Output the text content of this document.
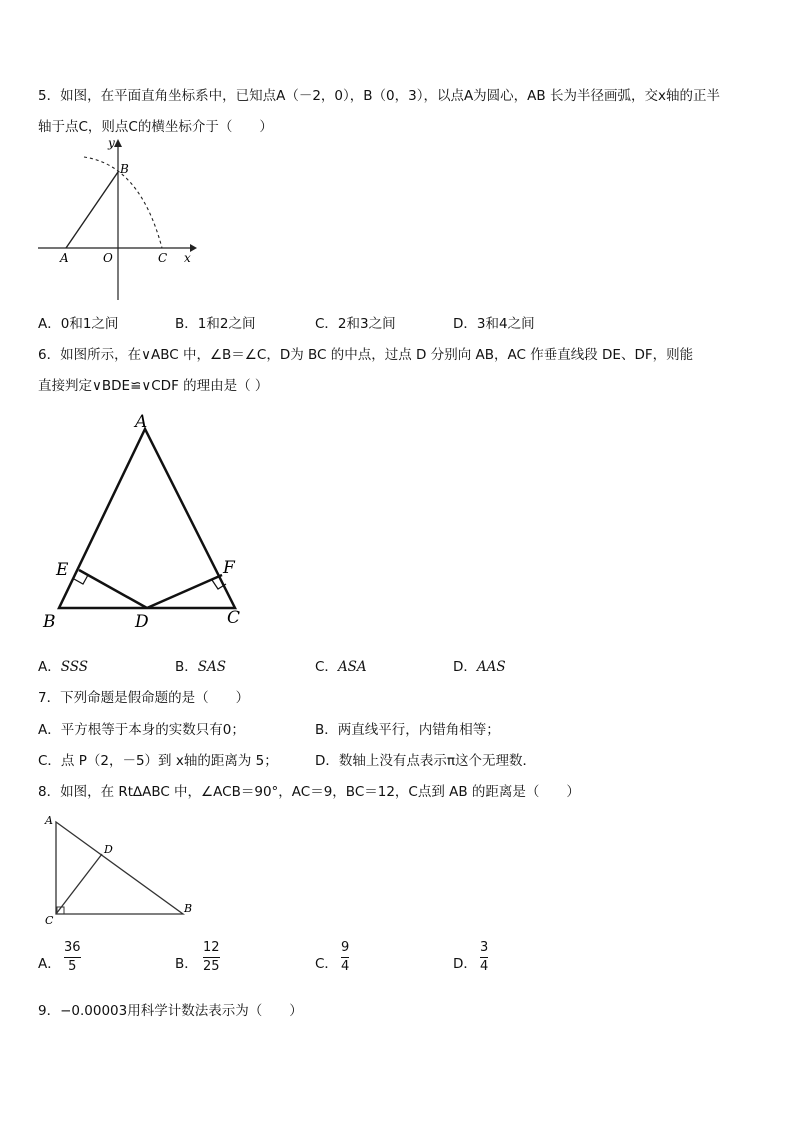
5．如图，在平面直角坐标系中，已知点A（－2，0），B（0，3），以点A为圆心，AB 长为半径画弧，交x轴的正半
轴于点C，则点C的横坐标介于（　　）
y
B
A	O	C x
A．0和1之间	B．1和2之间	C．2和3之间	D．3和4之间
6．如图所示，在∨ABC 中，∠B＝∠C，D为 BC 的中点，过点 D 分别向 AB，AC 作垂直线段 DE、DF，则能
直接判定∨BDE≌∨CDF 的理由是（ ）
A
E	F
B	D	C
A．SSS	B．SAS	C．ASA	D．AAS
7．下列命题是假命题的是（　　）
A．平方根等于本身的实数只有0；	B．两直线平行，内错角相等；
C．点 P（2，－5）到 x轴的距离为 5；	D．数轴上没有点表示π这个无理数．
8．如图，在 Rt∆ABC 中，∠ACB＝90°，AC＝9，BC＝12，C点到 AB 的距离是（　　）
A
D
C
B
A．
36
5	B．
12
25	C．
9
4	D．
3
4
9．−0.00003用科学计数法表示为（　　）
